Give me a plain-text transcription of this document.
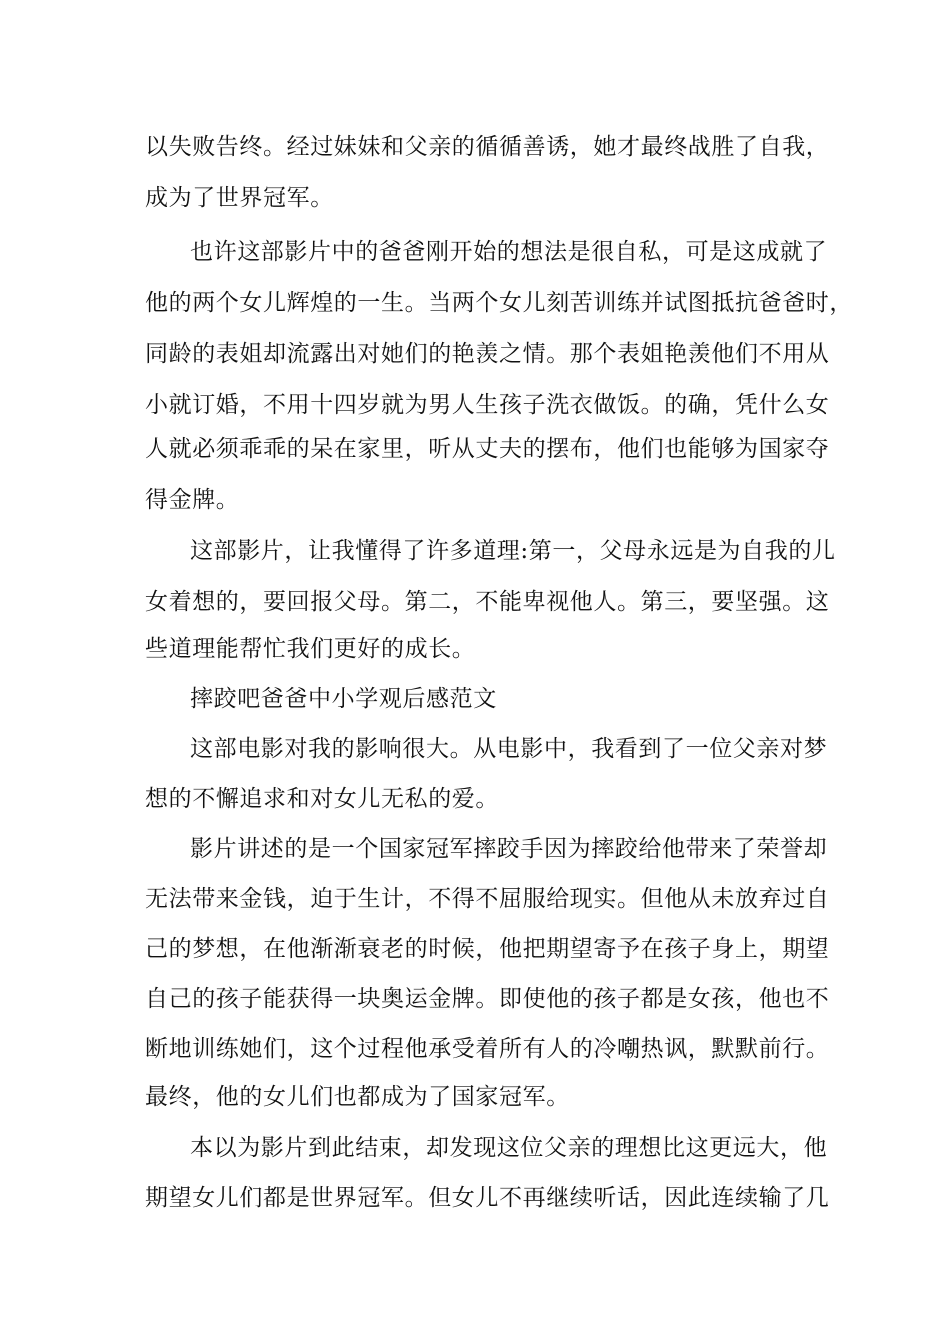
以失败告终。经过妹妹和父亲的循循善诱，她才最终战胜了自我，
成为了世界冠军。
也许这部影片中的爸爸刚开始的想法是很自私，可是这成就了
他的两个女儿辉煌的一生。当两个女儿刻苦训练并试图抵抗爸爸时，
同龄的表姐却流露出对她们的艳羡之情。那个表姐艳羡他们不用从
小就订婚，不用十四岁就为男人生孩子洗衣做饭。的确，凭什么女
人就必须乖乖的呆在家里，听从丈夫的摆布，他们也能够为国家夺
得金牌。
这部影片，让我懂得了许多道理:第一，父母永远是为自我的儿
女着想的，要回报父母。第二，不能卑视他人。第三，要坚强。这
些道理能帮忙我们更好的成长。
摔跤吧爸爸中小学观后感范文
这部电影对我的影响很大。从电影中，我看到了一位父亲对梦
想的不懈追求和对女儿无私的爱。
影片讲述的是一个国家冠军摔跤手因为摔跤给他带来了荣誉却
无法带来金钱，迫于生计，不得不屈服给现实。但他从未放弃过自
己的梦想，在他渐渐衰老的时候，他把期望寄予在孩子身上，期望
自己的孩子能获得一块奥运金牌。即使他的孩子都是女孩，他也不
断地训练她们，这个过程他承受着所有人的冷嘲热讽，默默前行。
最终，他的女儿们也都成为了国家冠军。
本以为影片到此结束，却发现这位父亲的理想比这更远大，他
期望女儿们都是世界冠军。但女儿不再继续听话，因此连续输了几
